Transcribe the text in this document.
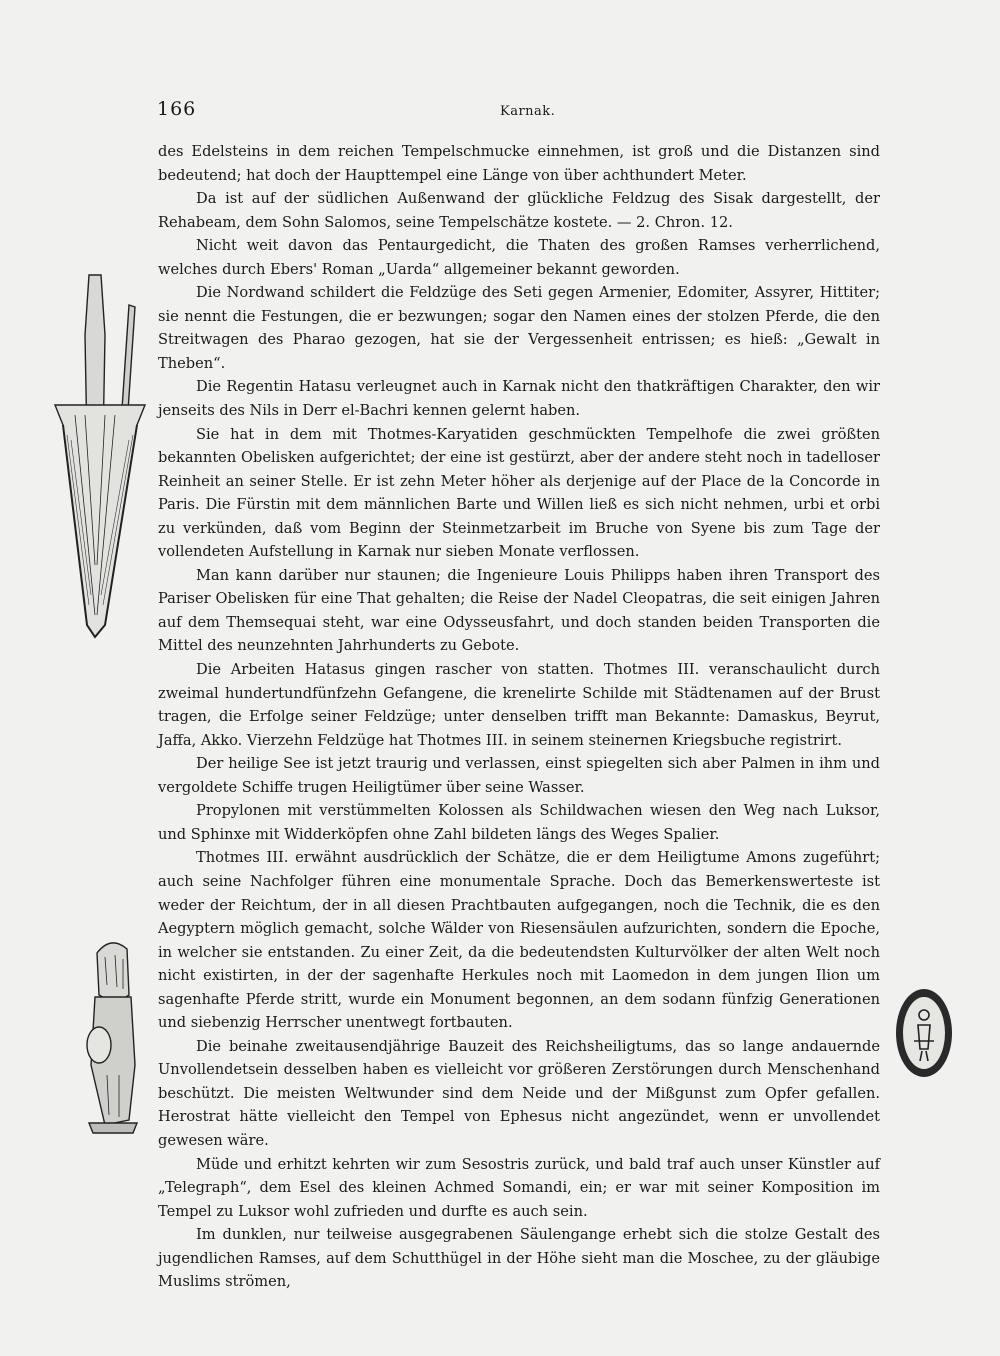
166	Karnak.

des Edelsteins in dem reichen Tempelschmucke einnehmen, ist groß und die Distanzen sind bedeutend; hat doch der Haupttempel eine Länge von über achthundert Meter.

Da ist auf der südlichen Außenwand der glückliche Feldzug des Sisak dargestellt, der Rehabeam, dem Sohn Salomos, seine Tempelschätze kostete. — 2. Chron. 12.

Nicht weit davon das Pentaurgedicht, die Thaten des großen Ramses verherrlichend, welches durch Ebers' Roman „Uarda“ allgemeiner bekannt geworden.

Die Nordwand schildert die Feldzüge des Seti gegen Armenier, Edomiter, Assyrer, Hittiter; sie nennt die Festungen, die er bezwungen; sogar den Namen eines der stolzen Pferde, die den Streitwagen des Pharao gezogen, hat sie der Vergessenheit entrissen; es hieß: „Gewalt in Theben“.

Die Regentin Hatasu verleugnet auch in Karnak nicht den thatkräftigen Charakter, den wir jenseits des Nils in Derr el-Bachri kennen gelernt haben.

Sie hat in dem mit Thotmes-Karyatiden geschmückten Tempelhofe die zwei größten bekannten Obelisken aufgerichtet; der eine ist gestürzt, aber der andere steht noch in tadelloser Reinheit an seiner Stelle. Er ist zehn Meter höher als derjenige auf der Place de la Concorde in Paris. Die Fürstin mit dem männlichen Barte und Willen ließ es sich nicht nehmen, urbi et orbi zu verkünden, daß vom Beginn der Steinmetzarbeit im Bruche von Syene bis zum Tage der vollendeten Aufstellung in Karnak nur sieben Monate verflossen.

Man kann darüber nur staunen; die Ingenieure Louis Philipps haben ihren Transport des Pariser Obelisken für eine That gehalten; die Reise der Nadel Cleopatras, die seit einigen Jahren auf dem Themsequai steht, war eine Odysseusfahrt, und doch standen beiden Transporten die Mittel des neunzehnten Jahrhunderts zu Gebote.

Die Arbeiten Hatasus gingen rascher von statten. Thotmes III. veranschaulicht durch zweimal hundertundfünfzehn Gefangene, die krenelirte Schilde mit Städtenamen auf der Brust tragen, die Erfolge seiner Feldzüge; unter denselben trifft man Bekannte: Damaskus, Beyrut, Jaffa, Akko. Vierzehn Feldzüge hat Thotmes III. in seinem steinernen Kriegsbuche registrirt.

Der heilige See ist jetzt traurig und verlassen, einst spiegelten sich aber Palmen in ihm und vergoldete Schiffe trugen Heiligtümer über seine Wasser.

Propylonen mit verstümmelten Kolossen als Schildwachen wiesen den Weg nach Luksor, und Sphinxe mit Widderköpfen ohne Zahl bildeten längs des Weges Spalier.

Thotmes III. erwähnt ausdrücklich der Schätze, die er dem Heiligtume Amons zugeführt; auch seine Nachfolger führen eine monumentale Sprache. Doch das Bemerkenswerteste ist weder der Reichtum, der in all diesen Prachtbauten aufgegangen, noch die Technik, die es den Aegyptern möglich gemacht, solche Wälder von Riesensäulen aufzurichten, sondern die Epoche, in welcher sie entstanden. Zu einer Zeit, da die bedeutendsten Kulturvölker der alten Welt noch nicht existirten, in der der sagenhafte Herkules noch mit Laomedon in dem jungen Ilion um sagenhafte Pferde stritt, wurde ein Monument begonnen, an dem sodann fünfzig Generationen und siebenzig Herrscher unentwegt fortbauten.

Die beinahe zweitausendjährige Bauzeit des Reichsheiligtums, das so lange andauernde Unvollendetsein desselben haben es vielleicht vor größeren Zerstörungen durch Menschenhand beschützt. Die meisten Weltwunder sind dem Neide und der Mißgunst zum Opfer gefallen. Herostrat hätte vielleicht den Tempel von Ephesus nicht angezündet, wenn er unvollendet gewesen wäre.

Müde und erhitzt kehrten wir zum Sesostris zurück, und bald traf auch unser Künstler auf „Telegraph“, dem Esel des kleinen Achmed Somandi, ein; er war mit seiner Komposition im Tempel zu Luksor wohl zufrieden und durfte es auch sein.

Im dunklen, nur teilweise ausgegrabenen Säulengange erhebt sich die stolze Gestalt des jugendlichen Ramses, auf dem Schutthügel in der Höhe sieht man die Moschee, zu der gläubige Muslims strömen,
